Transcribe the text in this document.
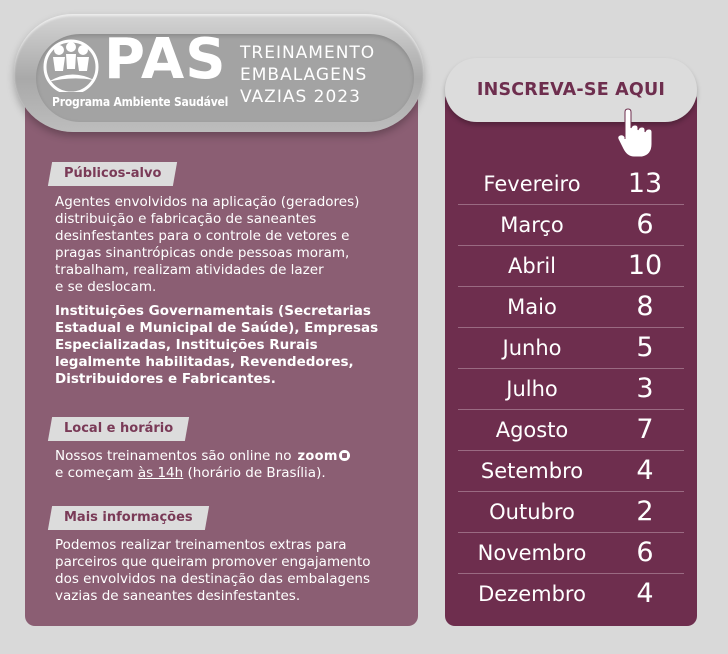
PAS
Programa Ambiente Saudável
TREINAMENTO
EMBALAGENS
VAZIAS 2023
Públicos-alvo
Agentes envolvidos na aplicação (geradores)
distribuição e fabricação de saneantes
desinfestantes para o controle de vetores e
pragas sinantrópicas onde pessoas moram,
trabalham, realizam atividades de lazer
e se deslocam.
Instituições Governamentais (Secretarias
Estadual e Municipal de Saúde), Empresas
Especializadas, Instituições Rurais
legalmente habilitadas, Revendedores,
Distribuidores e Fabricantes.
Local e horário
Nossos treinamentos são online no zoom
e começam às 14h (horário de Brasília).
Mais informações
Podemos realizar treinamentos extras para
parceiros que queiram promover engajamento
dos envolvidos na destinação das embalagens
vazias de saneantes desinfestantes.
INSCREVA-SE AQUI
Fevereiro	13
Março	6
Abril	10
Maio	8
Junho	5
Julho	3
Agosto	7
Setembro	4
Outubro	2
Novembro	6
Dezembro	4
